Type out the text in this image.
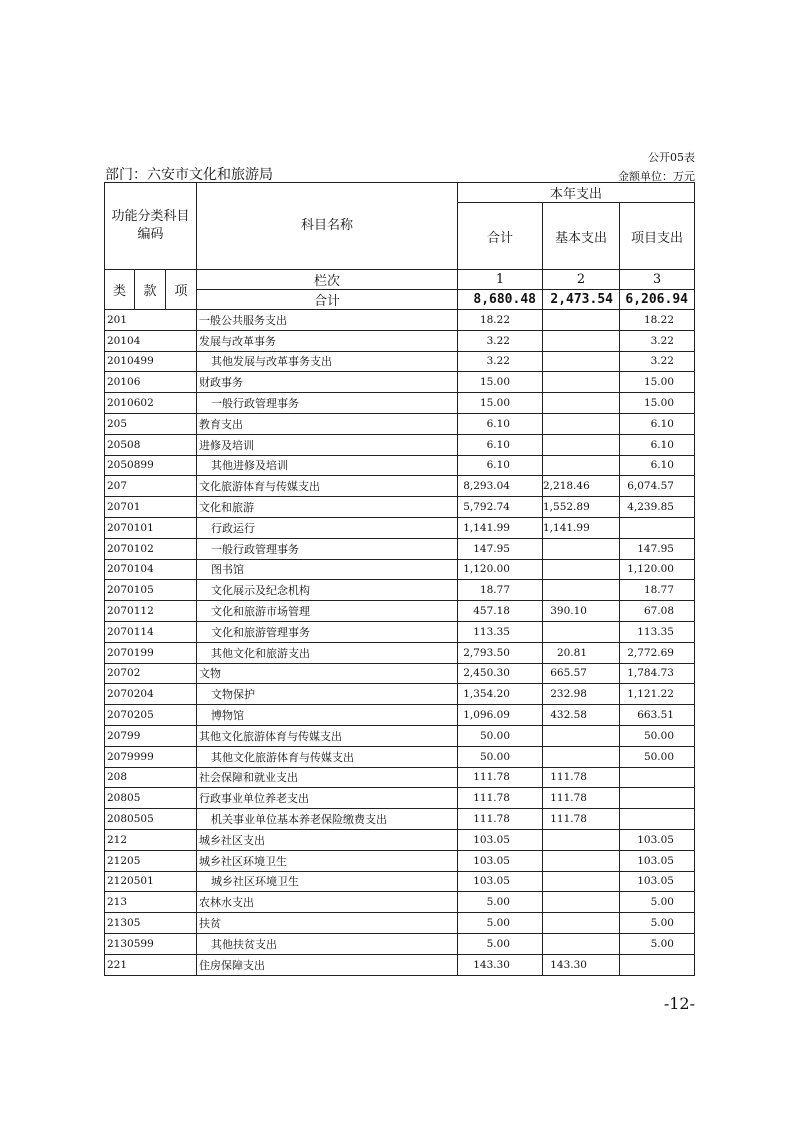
公开05表
部门：六安市文化和旅游局	金额单位：万元
功能分类科目编码			科目名称	本年支出		
				合计	基本支出	项目支出

类	款	项	栏次	1	2	3
			合计	8,680.48	2,473.54	6,206.94
201			一般公共服务支出	18.22		18.22
20104			发展与改革事务	3.22		3.22
2010499			其他发展与改革事务支出	3.22		3.22
20106			财政事务	15.00		15.00
2010602			一般行政管理事务	15.00		15.00
205			教育支出	6.10		6.10
20508			进修及培训	6.10		6.10
2050899			其他进修及培训	6.10		6.10
207			文化旅游体育与传媒支出	8,293.04	2,218.46	6,074.57
20701			文化和旅游	5,792.74	1,552.89	4,239.85
2070101			行政运行	1,141.99	1,141.99	
2070102			一般行政管理事务	147.95		147.95
2070104			图书馆	1,120.00		1,120.00
2070105			文化展示及纪念机构	18.77		18.77
2070112			文化和旅游市场管理	457.18	390.10	67.08
2070114			文化和旅游管理事务	113.35		113.35
2070199			其他文化和旅游支出	2,793.50	20.81	2,772.69
20702			文物	2,450.30	665.57	1,784.73
2070204			文物保护	1,354.20	232.98	1,121.22
2070205			博物馆	1,096.09	432.58	663.51
20799			其他文化旅游体育与传媒支出	50.00		50.00
2079999			其他文化旅游体育与传媒支出	50.00		50.00
208			社会保障和就业支出	111.78	111.78	
20805			行政事业单位养老支出	111.78	111.78	
2080505			机关事业单位基本养老保险缴费支出	111.78	111.78	
212			城乡社区支出	103.05		103.05
21205			城乡社区环境卫生	103.05		103.05
2120501			城乡社区环境卫生	103.05		103.05
213			农林水支出	5.00		5.00
21305			扶贫	5.00		5.00
2130599			其他扶贫支出	5.00		5.00
221			住房保障支出	143.30	143.30	
-12-
